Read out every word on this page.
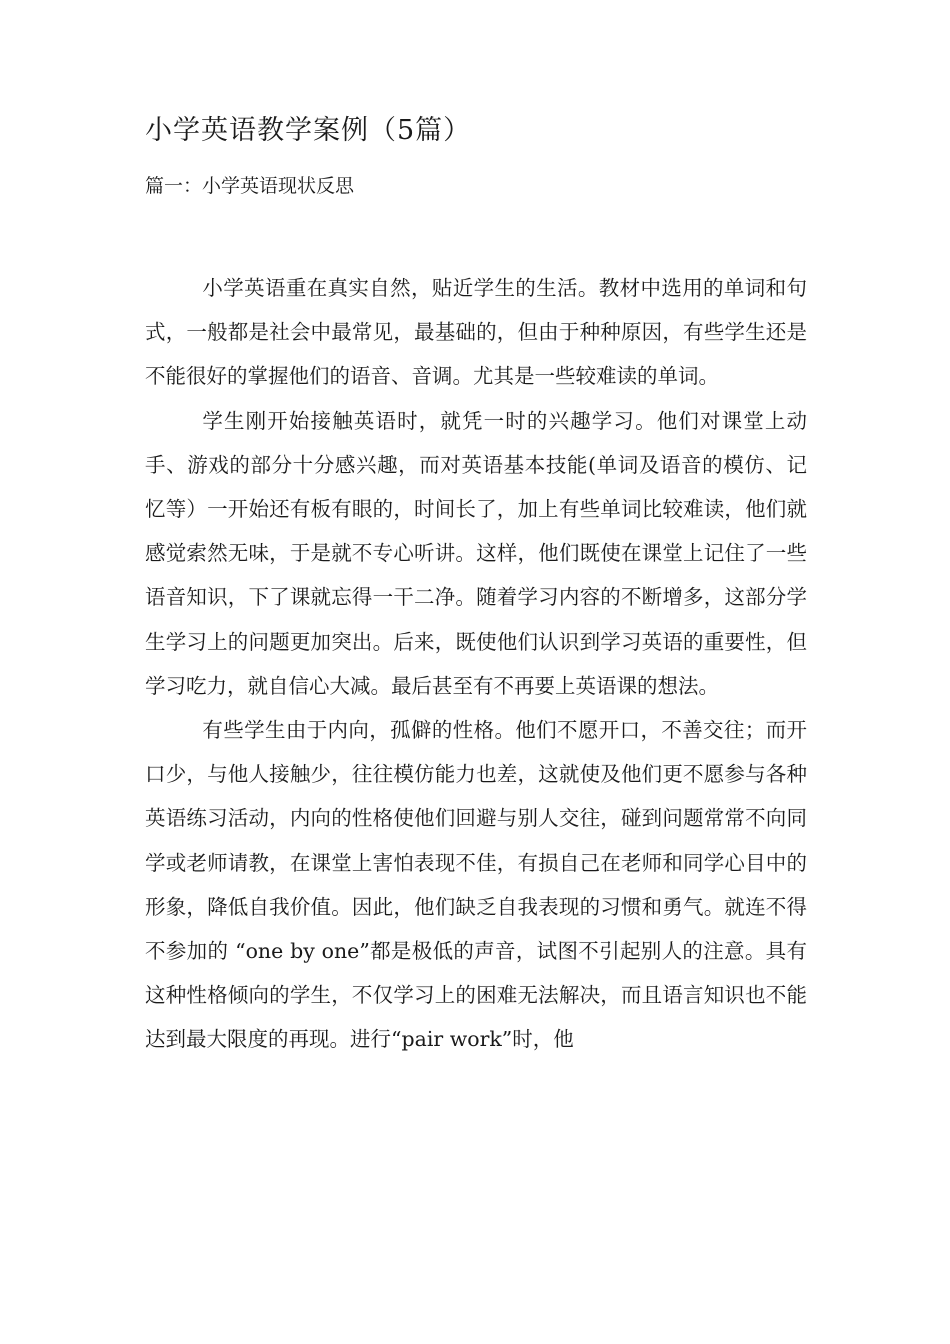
小学英语教学案例（5篇）
篇一：小学英语现状反思

小学英语重在真实自然，贴近学生的生活。教材中选用的单词和句式，一般都是社会中最常见，最基础的，但由于种种原因，有些学生还是不能很好的掌握他们的语音、音调。尤其是一些较难读的单词。

学生刚开始接触英语时，就凭一时的兴趣学习。他们对课堂上动手、游戏的部分十分感兴趣，而对英语基本技能(单词及语音的模仿、记忆等）一开始还有板有眼的，时间长了，加上有些单词比较难读，他们就感觉索然无味，于是就不专心听讲。这样，他们既使在课堂上记住了一些语音知识，下了课就忘得一干二净。随着学习内容的不断增多，这部分学生学习上的问题更加突出。后来，既使他们认识到学习英语的重要性，但学习吃力，就自信心大减。最后甚至有不再要上英语课的想法。

有些学生由于内向，孤僻的性格。他们不愿开口，不善交往；而开口少，与他人接触少，往往模仿能力也差，这就使及他们更不愿参与各种英语练习活动，内向的性格使他们回避与别人交往，碰到问题常常不向同学或老师请教，在课堂上害怕表现不佳，有损自己在老师和同学心目中的形象，降低自我价值。因此，他们缺乏自我表现的习惯和勇气。就连不得不参加的 “one by one”都是极低的声音，试图不引起别人的注意。具有这种性格倾向的学生，不仅学习上的困难无法解决，而且语言知识也不能达到最大限度的再现。进行“pair work”时，他
